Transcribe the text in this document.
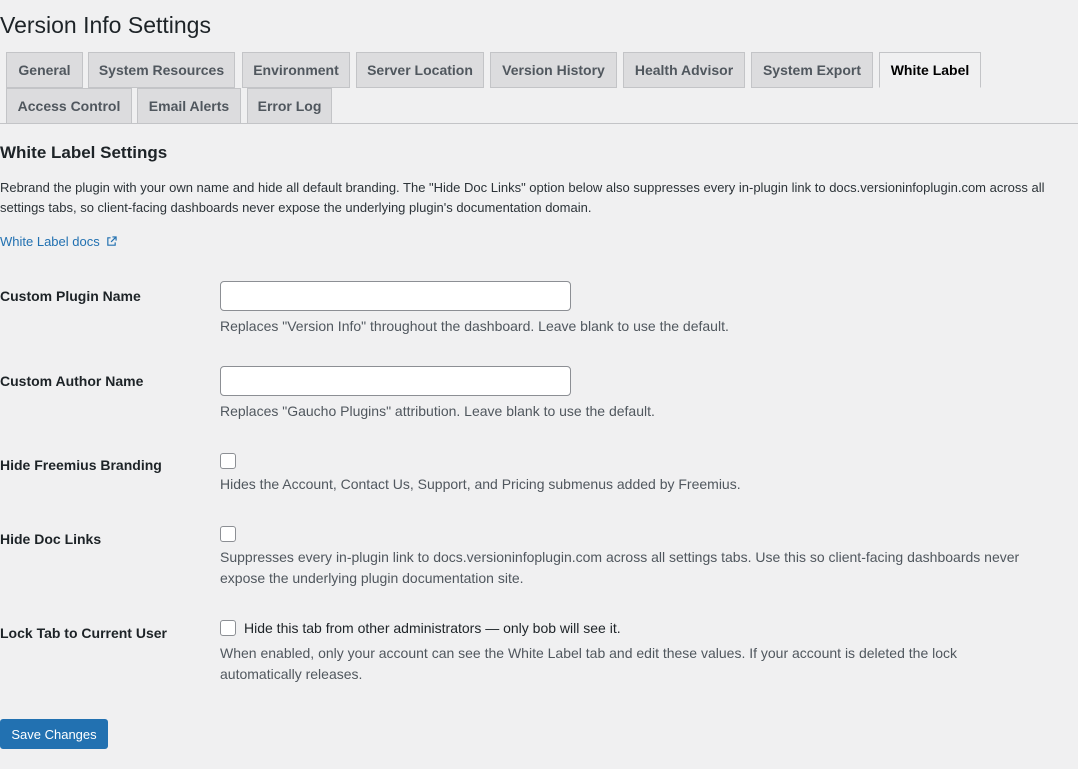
Version Info Settings
General	System Resources	Environment	Server Location	Version History	Health Advisor	System Export	White Label
Access Control	Email Alerts	Error Log
White Label Settings

Rebrand the plugin with your own name and hide all default branding. The "Hide Doc Links" option below also suppresses every in-plugin link to docs.versioninfoplugin.com across all settings tabs, so client-facing dashboards never expose the underlying plugin's documentation domain.

White Label docs
Custom Plugin Name

Replaces "Version Info" throughout the dashboard. Leave blank to use the default.

Custom Author Name

Replaces "Gaucho Plugins" attribution. Leave blank to use the default.

Hide Freemius Branding

Hides the Account, Contact Us, Support, and Pricing submenus added by Freemius.

Hide Doc Links

Suppresses every in-plugin link to docs.versioninfoplugin.com across all settings tabs. Use this so client-facing dashboards never

expose the underlying plugin documentation site.

Lock Tab to Current User	Hide this tab from other administrators — only bob will see it.

When enabled, only your account can see the White Label tab and edit these values. If your account is deleted the lock

automatically releases.

Save Changes
